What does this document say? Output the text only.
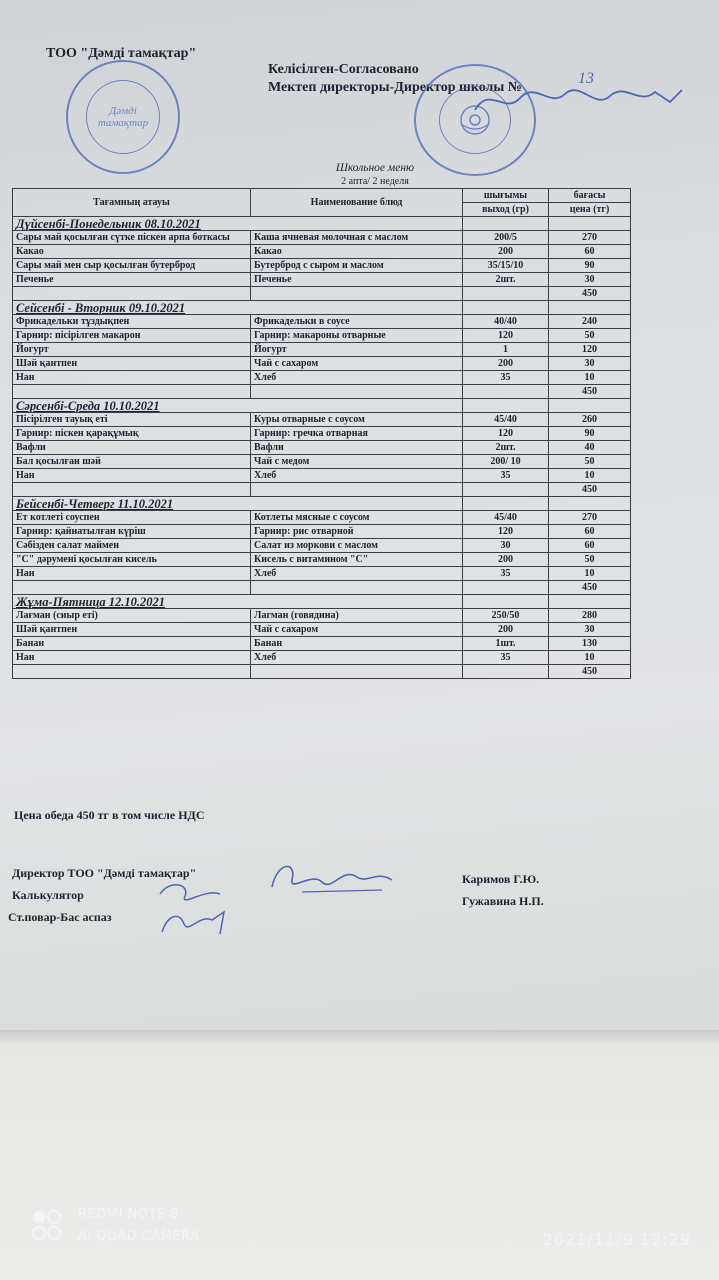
ТОО "Дәмді тамақтар"
Келісілген-Согласовано
Мектеп директоры-Директор школы №
13
Дәмді тамақтар
Школьное меню
2 апта/ 2 неделя
Тағамның атауы	Наименование блюд	шығымы	бағасы
		выход (гр)	цена (тг)
Дүйсенбі-Понедельник 08.10.2021			
Сары май қосылған сүтке піскен арпа боткасы	Каша ячневая молочная с маслом	200/5	270
Какао	Какао	200	60
Сары май мен сыр қосылған бутерброд	Бутерброд с сыром и маслом	35/15/10	90
Печенье	Печенье	2шт.	30
			450
Сейсенбі - Вторник 09.10.2021			
Фрикадельки тұздықпен	Фрикадельки в соусе	40/40	240
Гарнир: пісірілген макарон	Гарнир: макароны отварные	120	50
Йогурт	Йогурт	1	120
Шәй қантпен	Чай с сахаром	200	30
Нан	Хлеб	35	10
			450
Сәрсенбі-Среда 10.10.2021			
Пісірілген тауық еті	Куры отварные с соусом	45/40	260
Гарнир: піскен қарақұмық	Гарнир: гречка отварная	120	90
Вафли	Вафли	2шт.	40
Бал қосылған шәй	Чай с медом	200/ 10	50
Нан	Хлеб	35	10
			450
Бейсенбі-Четверг 11.10.2021			
Ет котлеті соуспен	Котлеты мясные с соусом	45/40	270
Гарнир: қайнатылған күріш	Гарнир: рис отварной	120	60
Сәбізден салат маймен	Салат из моркови с маслом	30	60
"С" дәрумені қосылған кисель	Кисель с витамином "С"	200	50
Нан	Хлеб	35	10
			450
Жұма-Пятница 12.10.2021			
Лағман (сиыр еті)	Лагман (говядина)	250/50	280
Шәй қантпен	Чай с сахаром	200	30
Банан	Банан	1шт.	130
Нан	Хлеб	35	10
			450
Цена обеда 450 тг в том числе НДС
Директор ТОО "Дәмді тамақтар"	Каримов Г.Ю.
Калькулятор	Гужавина Н.П.
Ст.повар-Бас аспаз
REDMI NOTE 8
AI QUAD CAMERA	2021/11/9 12:29
